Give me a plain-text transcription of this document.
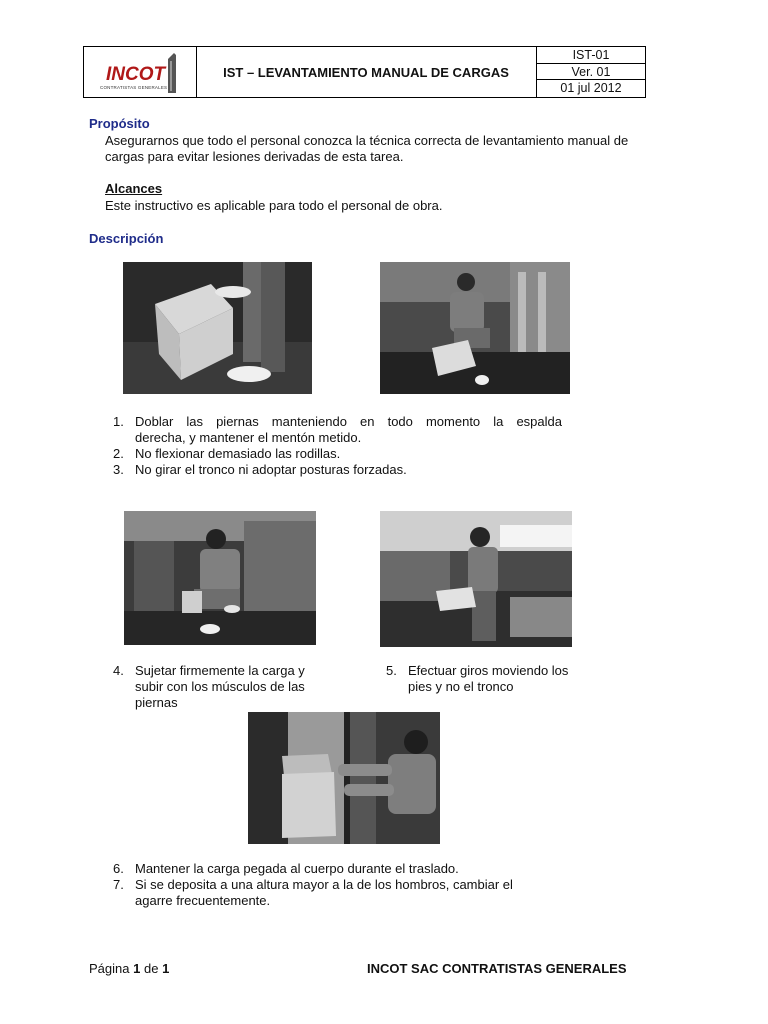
INCOT
CONTRATISTAS GENERALES
IST – LEVANTAMIENTO MANUAL DE CARGAS
IST-01
Ver. 01
01 jul 2012
Propósito
Asegurarnos que todo el personal conozca la técnica correcta de levantamiento manual de
cargas para evitar lesiones derivadas de esta tarea.
Alcances
Este instructivo es aplicable para todo el personal de obra.
Descripción
1. Doblar las piernas manteniendo en todo momento la espalda
derecha, y mantener el mentón metido.
2. No flexionar demasiado las rodillas.
3. No girar el tronco ni adoptar posturas forzadas.
4. Sujetar firmemente la carga y
subir con los músculos de las
piernas
5. Efectuar giros moviendo los
pies y no el tronco
6. Mantener la carga pegada al cuerpo durante el traslado.
7. Si se deposita a una altura mayor a la de los hombros, cambiar el
agarre frecuentemente.
Página 1 de 1	INCOT SAC CONTRATISTAS GENERALES
